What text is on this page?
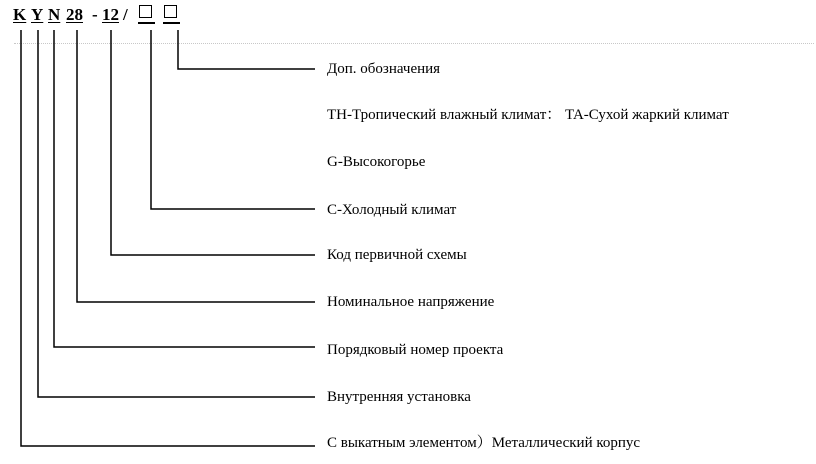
K Y N 28 - 12 /
Доп. обозначения
TH-Тропический влажный климат： TA-Сухой жаркий климат
G-Высокогорье
C-Холодный климат
Код первичной схемы
Номинальное напряжение
Порядковый номер проекта
Внутренняя установка
С выкатным элементом）Металлический корпус
